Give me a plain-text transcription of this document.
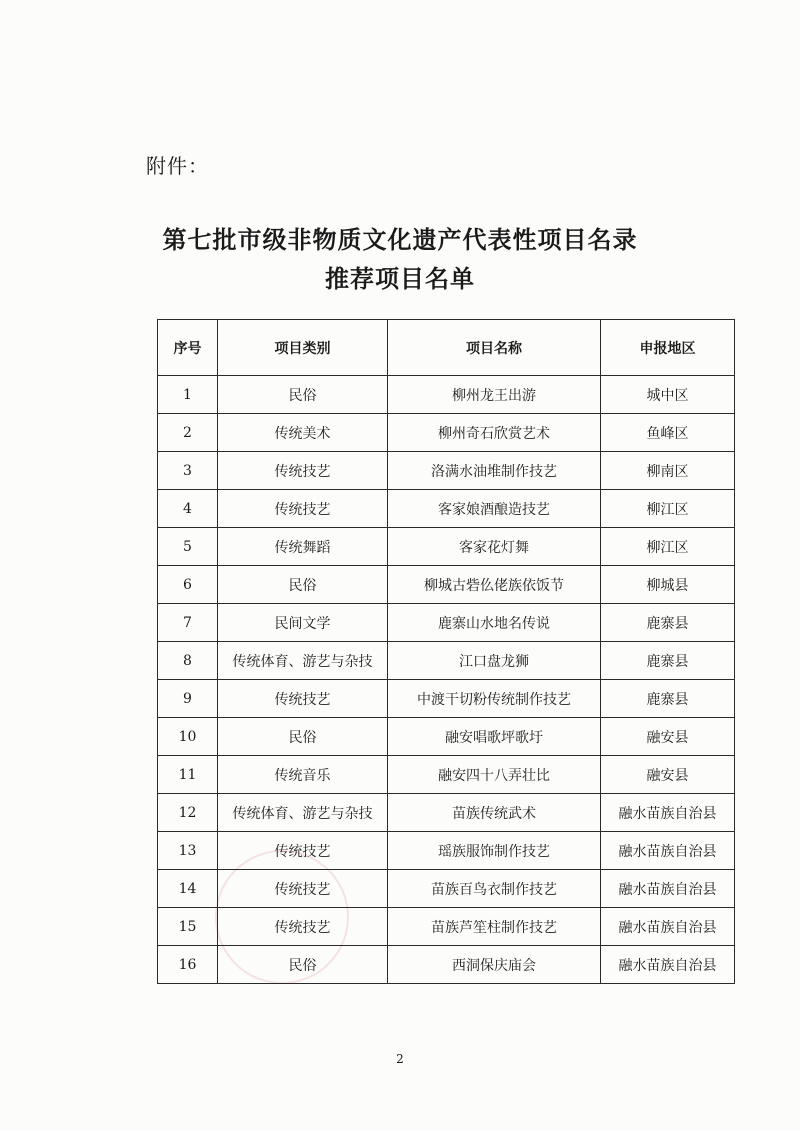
附件：
第七批市级非物质文化遗产代表性项目名录
推荐项目名单
序号	项目类别	项目名称	申报地区
1	民俗	柳州龙王出游	城中区
2	传统美术	柳州奇石欣赏艺术	鱼峰区
3	传统技艺	洛满水油堆制作技艺	柳南区
4	传统技艺	客家娘酒酿造技艺	柳江区
5	传统舞蹈	客家花灯舞	柳江区
6	民俗	柳城古砦仫佬族依饭节	柳城县
7	民间文学	鹿寨山水地名传说	鹿寨县
8	传统体育、游艺与杂技	江口盘龙狮	鹿寨县
9	传统技艺	中渡干切粉传统制作技艺	鹿寨县
10	民俗	融安唱歌坪歌圩	融安县
11	传统音乐	融安四十八弄壮比	融安县
12	传统体育、游艺与杂技	苗族传统武术	融水苗族自治县
13	传统技艺	瑶族服饰制作技艺	融水苗族自治县
14	传统技艺	苗族百鸟衣制作技艺	融水苗族自治县
15	传统技艺	苗族芦笙柱制作技艺	融水苗族自治县
16	民俗	西洞保庆庙会	融水苗族自治县
2
